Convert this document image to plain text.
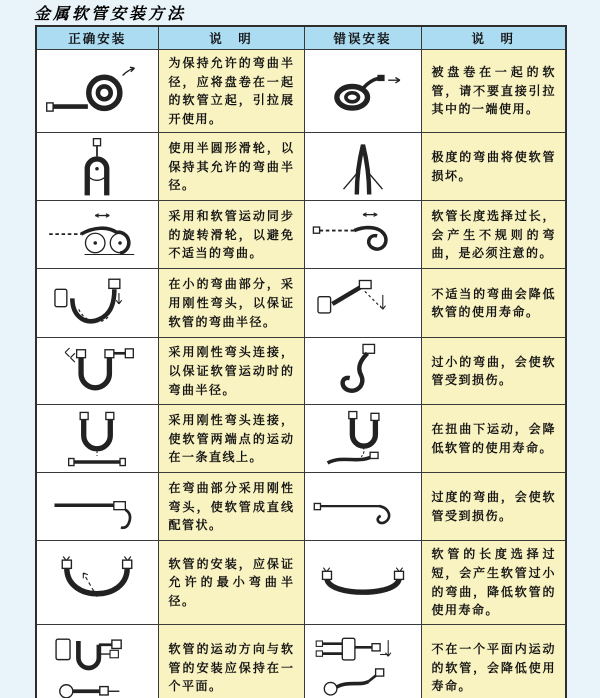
金属软管安装方法
正确安装	说　明	错误安装	说　明
	为保持允许的弯曲半径，应将盘卷在一起的软管立起，引拉展开使用。		被盘卷在一起的软管，请不要直接引拉其中的一端使用。
	使用半圆形滑轮，以保持其允许的弯曲半径。		极度的弯曲将使软管损坏。
	采用和软管运动同步的旋转滑轮，以避免不适当的弯曲。		软管长度选择过长，会产生不规则的弯曲，是必须注意的。
	在小的弯曲部分，采用刚性弯头，以保证软管的弯曲半径。		不适当的弯曲会降低软管的使用寿命。
	采用刚性弯头连接，以保证软管运动时的弯曲半径。		过小的弯曲，会使软管受到损伤。
	采用刚性弯头连接，使软管两端点的运动在一条直线上。		在扭曲下运动，会降低软管的使用寿命。
	在弯曲部分采用刚性弯头，使软管成直线配管状。		过度的弯曲，会使软管受到损伤。
	软管的安装，应保证允许的最小弯曲半径。		软管的长度选择过短，会产生软管过小的弯曲，降低软管的使用寿命。
	软管的运动方向与软管的安装应保持在一个平面。		不在一个平面内运动的软管，会降低使用寿命。
